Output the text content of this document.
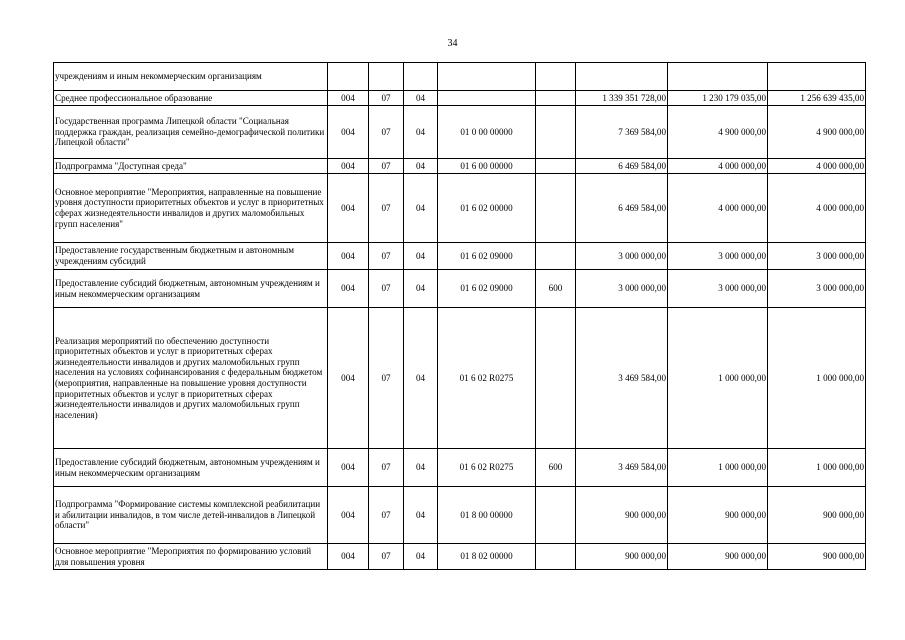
34
учреждениям и иным некоммерческим организациям								
Среднее профессиональное образование	004	07	04			1 339 351 728,00	1 230 179 035,00	1 256 639 435,00
Государственная программа Липецкой области "Социальная поддержка граждан, реализация семейно-демографической политики Липецкой области"	004	07	04	01 0 00 00000		7 369 584,00	4 900 000,00	4 900 000,00
Подпрограмма "Доступная среда"	004	07	04	01 6 00 00000		6 469 584,00	4 000 000,00	4 000 000,00
Основное мероприятие "Мероприятия, направленные на повышение уровня доступности приоритетных объектов и услуг в приоритетных сферах жизнедеятельности инвалидов и других маломобильных групп населения"	004	07	04	01 6 02 00000		6 469 584,00	4 000 000,00	4 000 000,00
Предоставление государственным бюджетным и автономным учреждениям субсидий	004	07	04	01 6 02 09000		3 000 000,00	3 000 000,00	3 000 000,00
Предоставление субсидий бюджетным, автономным учреждениям и иным некоммерческим организациям	004	07	04	01 6 02 09000	600	3 000 000,00	3 000 000,00	3 000 000,00
Реализация мероприятий по обеспечению доступности приоритетных объектов и услуг в приоритетных сферах жизнедеятельности инвалидов и других маломобильных групп населения на условиях софинансирования с федеральным бюджетом (мероприятия, направленные на повышение уровня доступности приоритетных объектов и услуг в приоритетных сферах жизнедеятельности инвалидов и других маломобильных групп населения)	004	07	04	01 6 02 R0275		3 469 584,00	1 000 000,00	1 000 000,00
Предоставление субсидий бюджетным, автономным учреждениям и иным некоммерческим организациям	004	07	04	01 6 02 R0275	600	3 469 584,00	1 000 000,00	1 000 000,00
Подпрограмма "Формирование системы комплексной реабилитации и абилитации инвалидов, в том числе детей-инвалидов в Липецкой области"	004	07	04	01 8 00 00000		900 000,00	900 000,00	900 000,00
Основное мероприятие "Мероприятия по формированию условий для повышения уровня	004	07	04	01 8 02 00000		900 000,00	900 000,00	900 000,00
